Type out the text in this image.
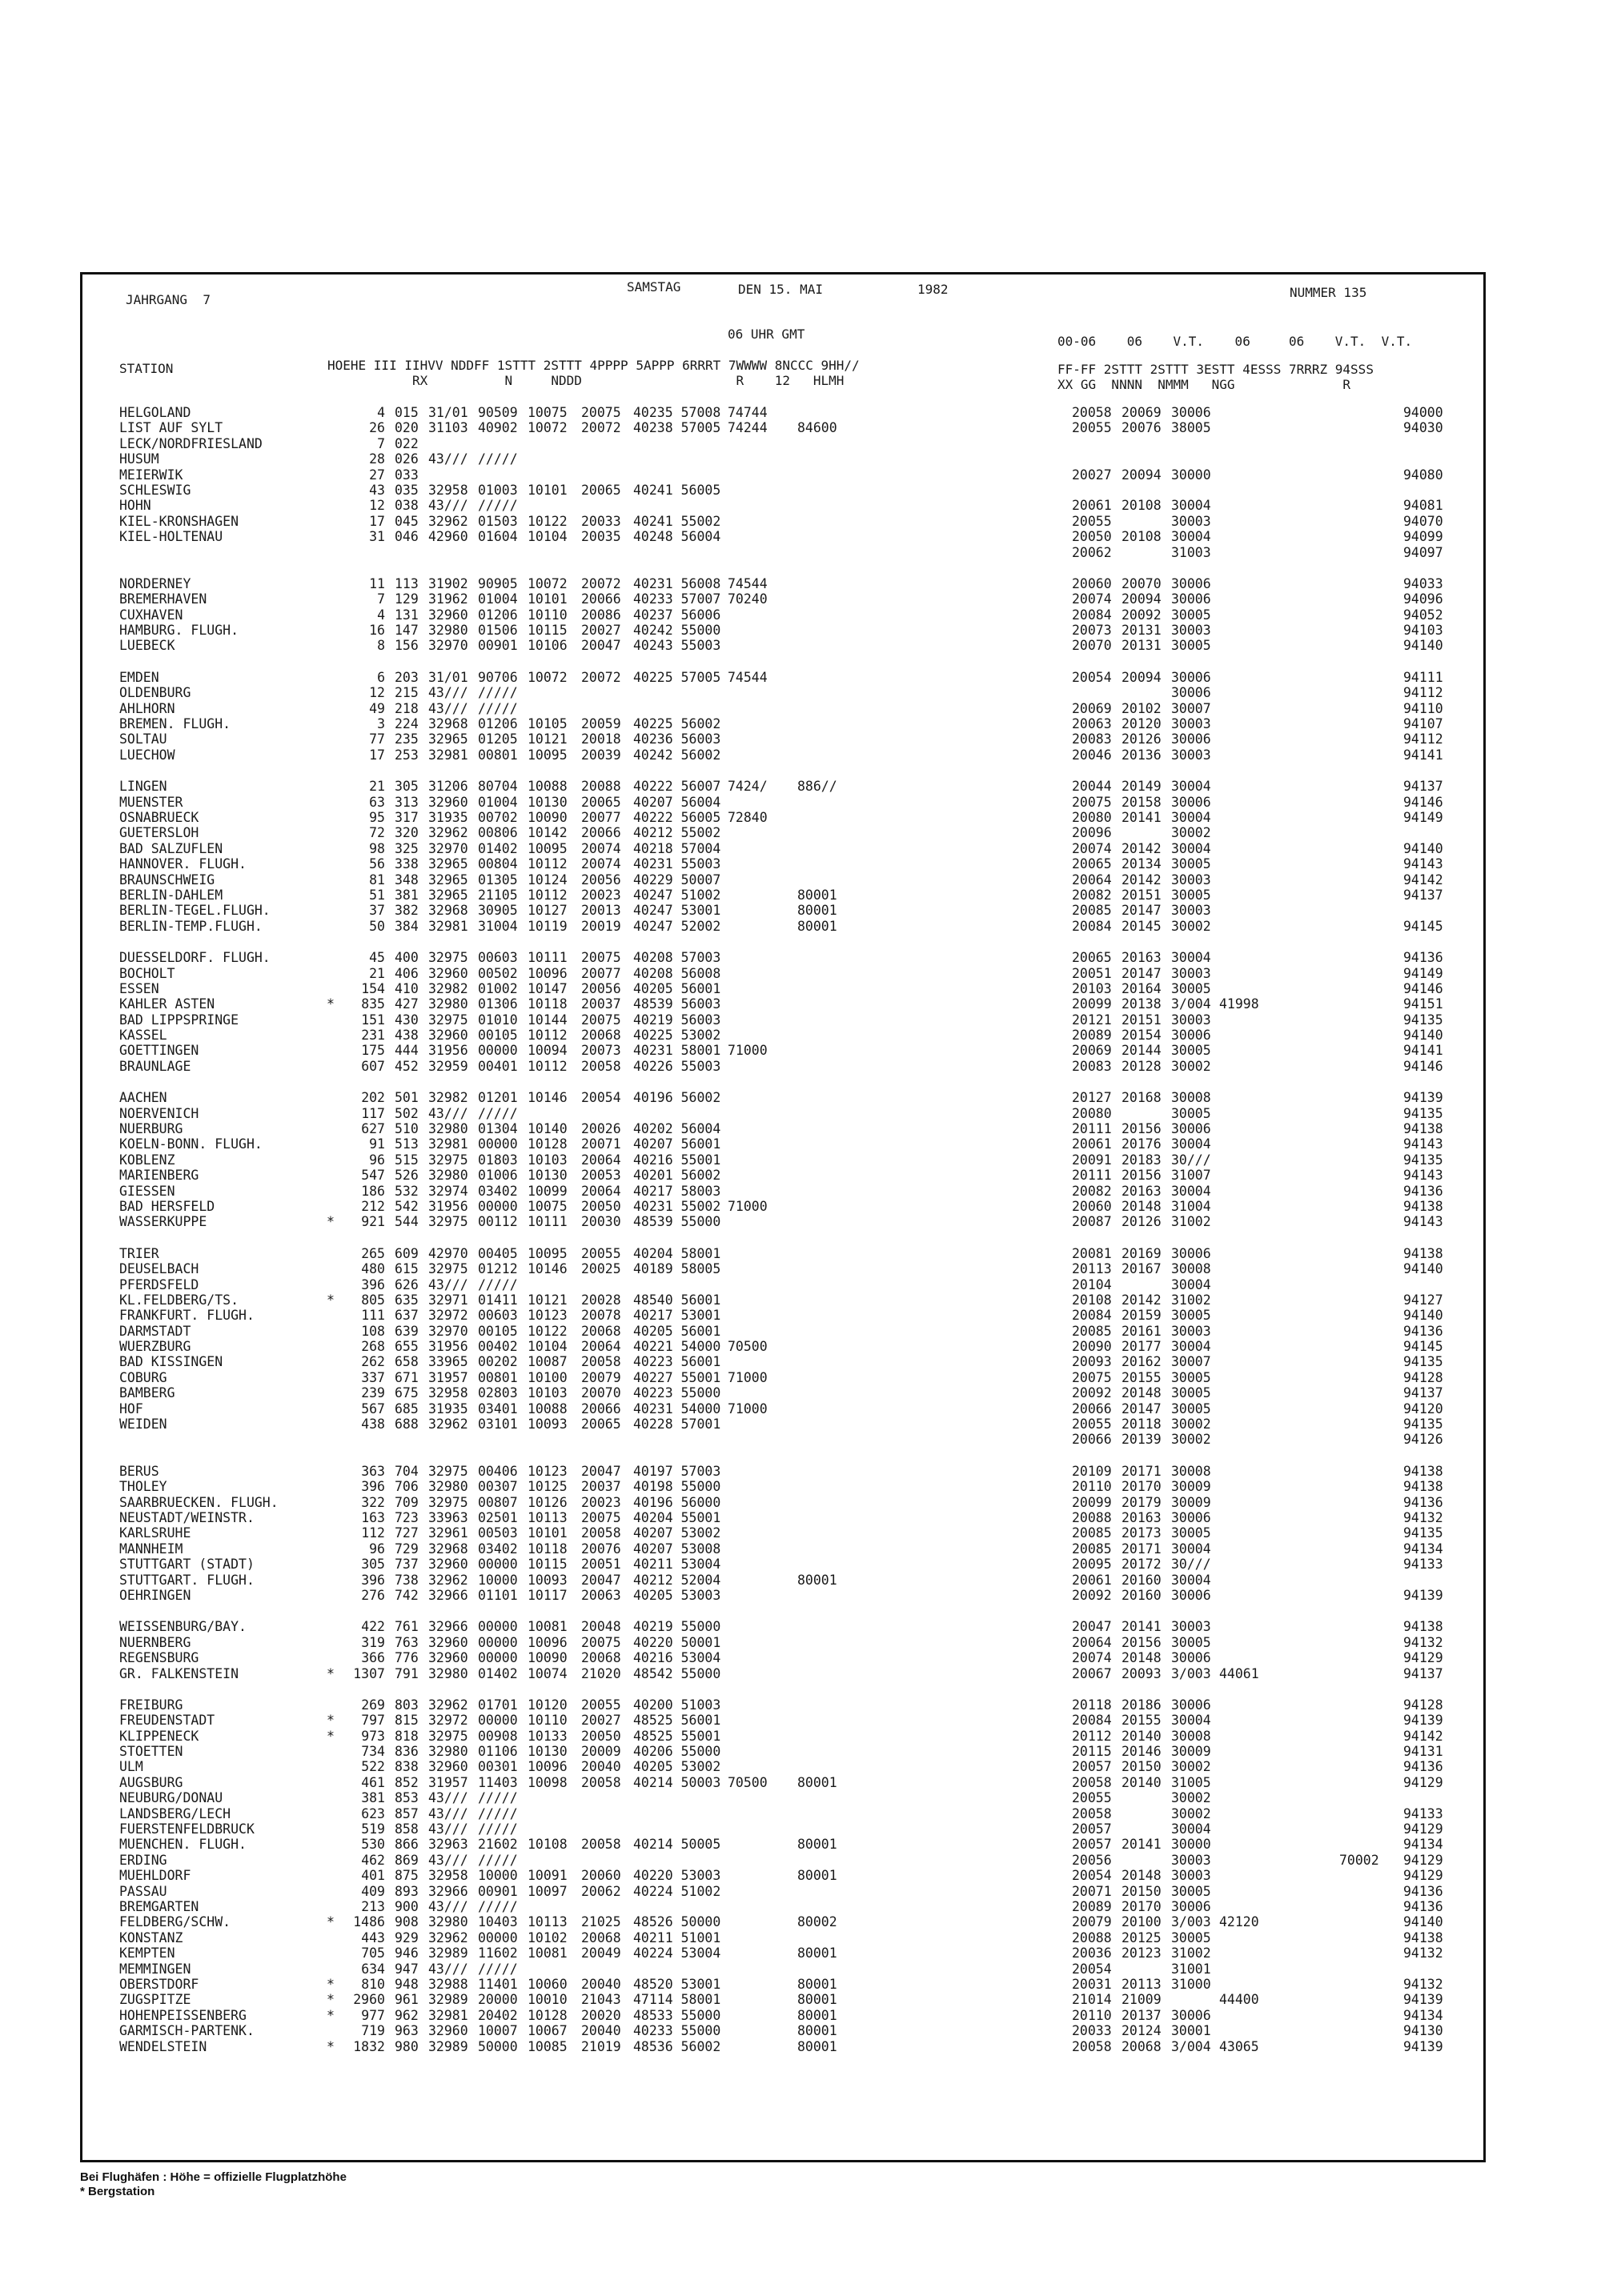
JAHRGANG  7
SAMSTAG	DEN 15. MAI	1982	NUMMER 135
06 UHR GMT	00-06    06    V.T.    06     06    V.T.  V.T.
STATION	HOEHE III IIHVV NDDFF 1STTT 2STTT 4PPPP 5APPP 6RRRT 7WWWW 8NCCC 9HH//
RX          N     NDDD                    R    12   HLMH
FF-FF 2STTT 2STTT 3ESTT 4ESSS 7RRRZ 94SSS
XX GG  NNNN  NMMM   NGG              R
HELGOLAND	4 015 31/01 90509 10075 20075 40235 57008 74744	20058 20069 30006	94000
LIST AUF SYLT	26 020 31103 40902 10072 20072 40238 57005 74244 84600	20055 20076 38005	94030
LECK/NORDFRIESLAND	7 022
HUSUM	28 026 43/// /////
MEIERWIK	27 033	20027 20094 30000	94080
SCHLESWIG	43 035 32958 01003 10101 20065 40241 56005
HOHN	12 038 43/// /////	20061 20108 30004	94081
KIEL-KRONSHAGEN	17 045 32962 01503 10122 20033 40241 55002	20055	30003	94070
KIEL-HOLTENAU	31 046 42960 01604 10104 20035 40248 56004	20050 20108 30004	94099
20062	31003	94097
NORDERNEY	11 113 31902 90905 10072 20072 40231 56008 74544	20060 20070 30006	94033
BREMERHAVEN	7 129 31962 01004 10101 20066 40233 57007 70240	20074 20094 30006	94096
CUXHAVEN	4 131 32960 01206 10110 20086 40237 56006	20084 20092 30005	94052
HAMBURG. FLUGH.	16 147 32980 01506 10115 20027 40242 55000	20073 20131 30003	94103
LUEBECK	8 156 32970 00901 10106 20047 40243 55003	20070 20131 30005	94140
EMDEN	6 203 31/01 90706 10072 20072 40225 57005 74544	20054 20094 30006	94111
OLDENBURG	12 215 43/// /////	30006	94112
AHLHORN	49 218 43/// /////	20069 20102 30007	94110
BREMEN. FLUGH.	3 224 32968 01206 10105 20059 40225 56002	20063 20120 30003	94107
SOLTAU	77 235 32965 01205 10121 20018 40236 56003	20083 20126 30006	94112
LUECHOW	17 253 32981 00801 10095 20039 40242 56002	20046 20136 30003	94141
LINGEN	21 305 31206 80704 10088 20088 40222 56007 7424/ 886//	20044 20149 30004	94137
MUENSTER	63 313 32960 01004 10130 20065 40207 56004	20075 20158 30006	94146
OSNABRUECK	95 317 31935 00702 10090 20077 40222 56005 72840	20080 20141 30004	94149
GUETERSLOH	72 320 32962 00806 10142 20066 40212 55002	20096	30002
BAD SALZUFLEN	98 325 32970 01402 10095 20074 40218 57004	20074 20142 30004	94140
HANNOVER. FLUGH.	56 338 32965 00804 10112 20074 40231 55003	20065 20134 30005	94143
BRAUNSCHWEIG	81 348 32965 01305 10124 20056 40229 50007	20064 20142 30003	94142
BERLIN-DAHLEM	51 381 32965 21105 10112 20023 40247 51002	80001	20082 20151 30005	94137
BERLIN-TEGEL.FLUGH.	37 382 32968 30905 10127 20013 40247 53001	80001	20085 20147 30003
BERLIN-TEMP.FLUGH.	50 384 32981 31004 10119 20019 40247 52002	80001	20084 20145 30002	94145
DUESSELDORF. FLUGH.	45 400 32975 00603 10111 20075 40208 57003	20065 20163 30004	94136
BOCHOLT	21 406 32960 00502 10096 20077 40208 56008	20051 20147 30003	94149
ESSEN	154 410 32982 01002 10147 20056 40205 56001	20103 20164 30005	94146
KAHLER ASTEN	*	835 427 32980 01306 10118 20037 48539 56003	20099 20138 3/004 41998	94151
BAD LIPPSPRINGE	151 430 32975 01010 10144 20075 40219 56003	20121 20151 30003	94135
KASSEL	231 438 32960 00105 10112 20068 40225 53002	20089 20154 30006	94140
GOETTINGEN	175 444 31956 00000 10094 20073 40231 58001 71000	20069 20144 30005	94141
BRAUNLAGE	607 452 32959 00401 10112 20058 40226 55003	20083 20128 30002	94146
AACHEN	202 501 32982 01201 10146 20054 40196 56002	20127 20168 30008	94139
NOERVENICH	117 502 43/// /////	20080	30005	94135
NUERBURG	627 510 32980 01304 10140 20026 40202 56004	20111 20156 30006	94138
KOELN-BONN. FLUGH.	91 513 32981 00000 10128 20071 40207 56001	20061 20176 30004	94143
KOBLENZ	96 515 32975 01803 10103 20064 40216 55001	20091 20183 30///	94135
MARIENBERG	547 526 32980 01006 10130 20053 40201 56002	20111 20156 31007	94143
GIESSEN	186 532 32974 03402 10099 20064 40217 58003	20082 20163 30004	94136
BAD HERSFELD	212 542 31956 00000 10075 20050 40231 55002 71000	20060 20148 31004	94138
WASSERKUPPE	*	921 544 32975 00112 10111 20030 48539 55000	20087 20126 31002	94143
TRIER	265 609 42970 00405 10095 20055 40204 58001	20081 20169 30006	94138
DEUSELBACH	480 615 32975 01212 10146 20025 40189 58005	20113 20167 30008	94140
PFERDSFELD	396 626 43/// /////	20104	30004
KL.FELDBERG/TS.	*	805 635 32971 01411 10121 20028 48540 56001	20108 20142 31002	94127
FRANKFURT. FLUGH.	111 637 32972 00603 10123 20078 40217 53001	20084 20159 30005	94140
DARMSTADT	108 639 32970 00105 10122 20068 40205 56001	20085 20161 30003	94136
WUERZBURG	268 655 31956 00402 10104 20064 40221 54000 70500	20090 20177 30004	94145
BAD KISSINGEN	262 658 33965 00202 10087 20058 40223 56001	20093 20162 30007	94135
COBURG	337 671 31957 00801 10100 20079 40227 55001 71000	20075 20155 30005	94128
BAMBERG	239 675 32958 02803 10103 20070 40223 55000	20092 20148 30005	94137
HOF	567 685 31935 03401 10088 20066 40231 54000 71000	20066 20147 30005	94120
WEIDEN	438 688 32962 03101 10093 20065 40228 57001	20055 20118 30002	94135
20066 20139 30002	94126
BERUS	363 704 32975 00406 10123 20047 40197 57003	20109 20171 30008	94138
THOLEY	396 706 32980 00307 10125 20037 40198 55000	20110 20170 30009	94138
SAARBRUECKEN. FLUGH.	322 709 32975 00807 10126 20023 40196 56000	20099 20179 30009	94136
NEUSTADT/WEINSTR.	163 723 33963 02501 10113 20075 40204 55001	20088 20163 30006	94132
KARLSRUHE	112 727 32961 00503 10101 20058 40207 53002	20085 20173 30005	94135
MANNHEIM	96 729 32968 03402 10118 20076 40207 53008	20085 20171 30004	94134
STUTTGART (STADT)	305 737 32960 00000 10115 20051 40211 53004	20095 20172 30///	94133
STUTTGART. FLUGH.	396 738 32962 10000 10093 20047 40212 52004	80001	20061 20160 30004
OEHRINGEN	276 742 32966 01101 10117 20063 40205 53003	20092 20160 30006	94139
WEISSENBURG/BAY.	422 761 32966 00000 10081 20048 40219 55000	20047 20141 30003	94138
NUERNBERG	319 763 32960 00000 10096 20075 40220 50001	20064 20156 30005	94132
REGENSBURG	366 776 32960 00000 10090 20068 40216 53004	20074 20148 30006	94129
GR. FALKENSTEIN	*	1307 791 32980 01402 10074 21020 48542 55000	20067 20093 3/003 44061	94137
FREIBURG	269 803 32962 01701 10120 20055 40200 51003	20118 20186 30006	94128
FREUDENSTADT	*	797 815 32972 00000 10110 20027 48525 56001	20084 20155 30004	94139
KLIPPENECK	*	973 818 32975 00908 10133 20050 48525 55001	20112 20140 30008	94142
STOETTEN	734 836 32980 01106 10130 20009 40206 55000	20115 20146 30009	94131
ULM	522 838 32960 00301 10096 20040 40205 53002	20057 20150 30002	94136
AUGSBURG	461 852 31957 11403 10098 20058 40214 50003 70500 80001	20058 20140 31005	94129
NEUBURG/DONAU	381 853 43/// /////	20055	30002
LANDSBERG/LECH	623 857 43/// /////	20058	30002	94133
FUERSTENFELDBRUCK	519 858 43/// /////	20057	30004	94129
MUENCHEN. FLUGH.	530 866 32963 21602 10108 20058 40214 50005	80001	20057 20141 30000	94134
ERDING	462 869 43/// /////	20056	30003	70002 94129
MUEHLDORF	401 875 32958 10000 10091 20060 40220 53003	80001	20054 20148 30003	94129
PASSAU	409 893 32966 00901 10097 20062 40224 51002	20071 20150 30005	94136
BREMGARTEN	213 900 43/// /////	20089 20170 30006	94136
FELDBERG/SCHW.	*	1486 908 32980 10403 10113 21025 48526 50000	80002	20079 20100 3/003 42120	94140
KONSTANZ	443 929 32962 00000 10102 20068 40211 51001	20088 20125 30005	94138
KEMPTEN	705 946 32989 11602 10081 20049 40224 53004	80001	20036 20123 31002	94132
MEMMINGEN	634 947 43/// /////	20054	31001
OBERSTDORF	*	810 948 32988 11401 10060 20040 48520 53001	80001	20031 20113 31000	94132
ZUGSPITZE	*	2960 961 32989 20000 10010 21043 47114 58001	80001	21014 21009	44400	94139
HOHENPEISSENBERG	*	977 962 32981 20402 10128 20020 48533 55000	80001	20110 20137 30006	94134
GARMISCH-PARTENK.	719 963 32960 10007 10067 20040 40233 55000	80001	20033 20124 30001	94130
WENDELSTEIN	*	1832 980 32989 50000 10085 21019 48536 56002	80001	20058 20068 3/004 43065	94139
Bei Flughäfen : Höhe = offizielle Flugplatzhöhe
* Bergstation
